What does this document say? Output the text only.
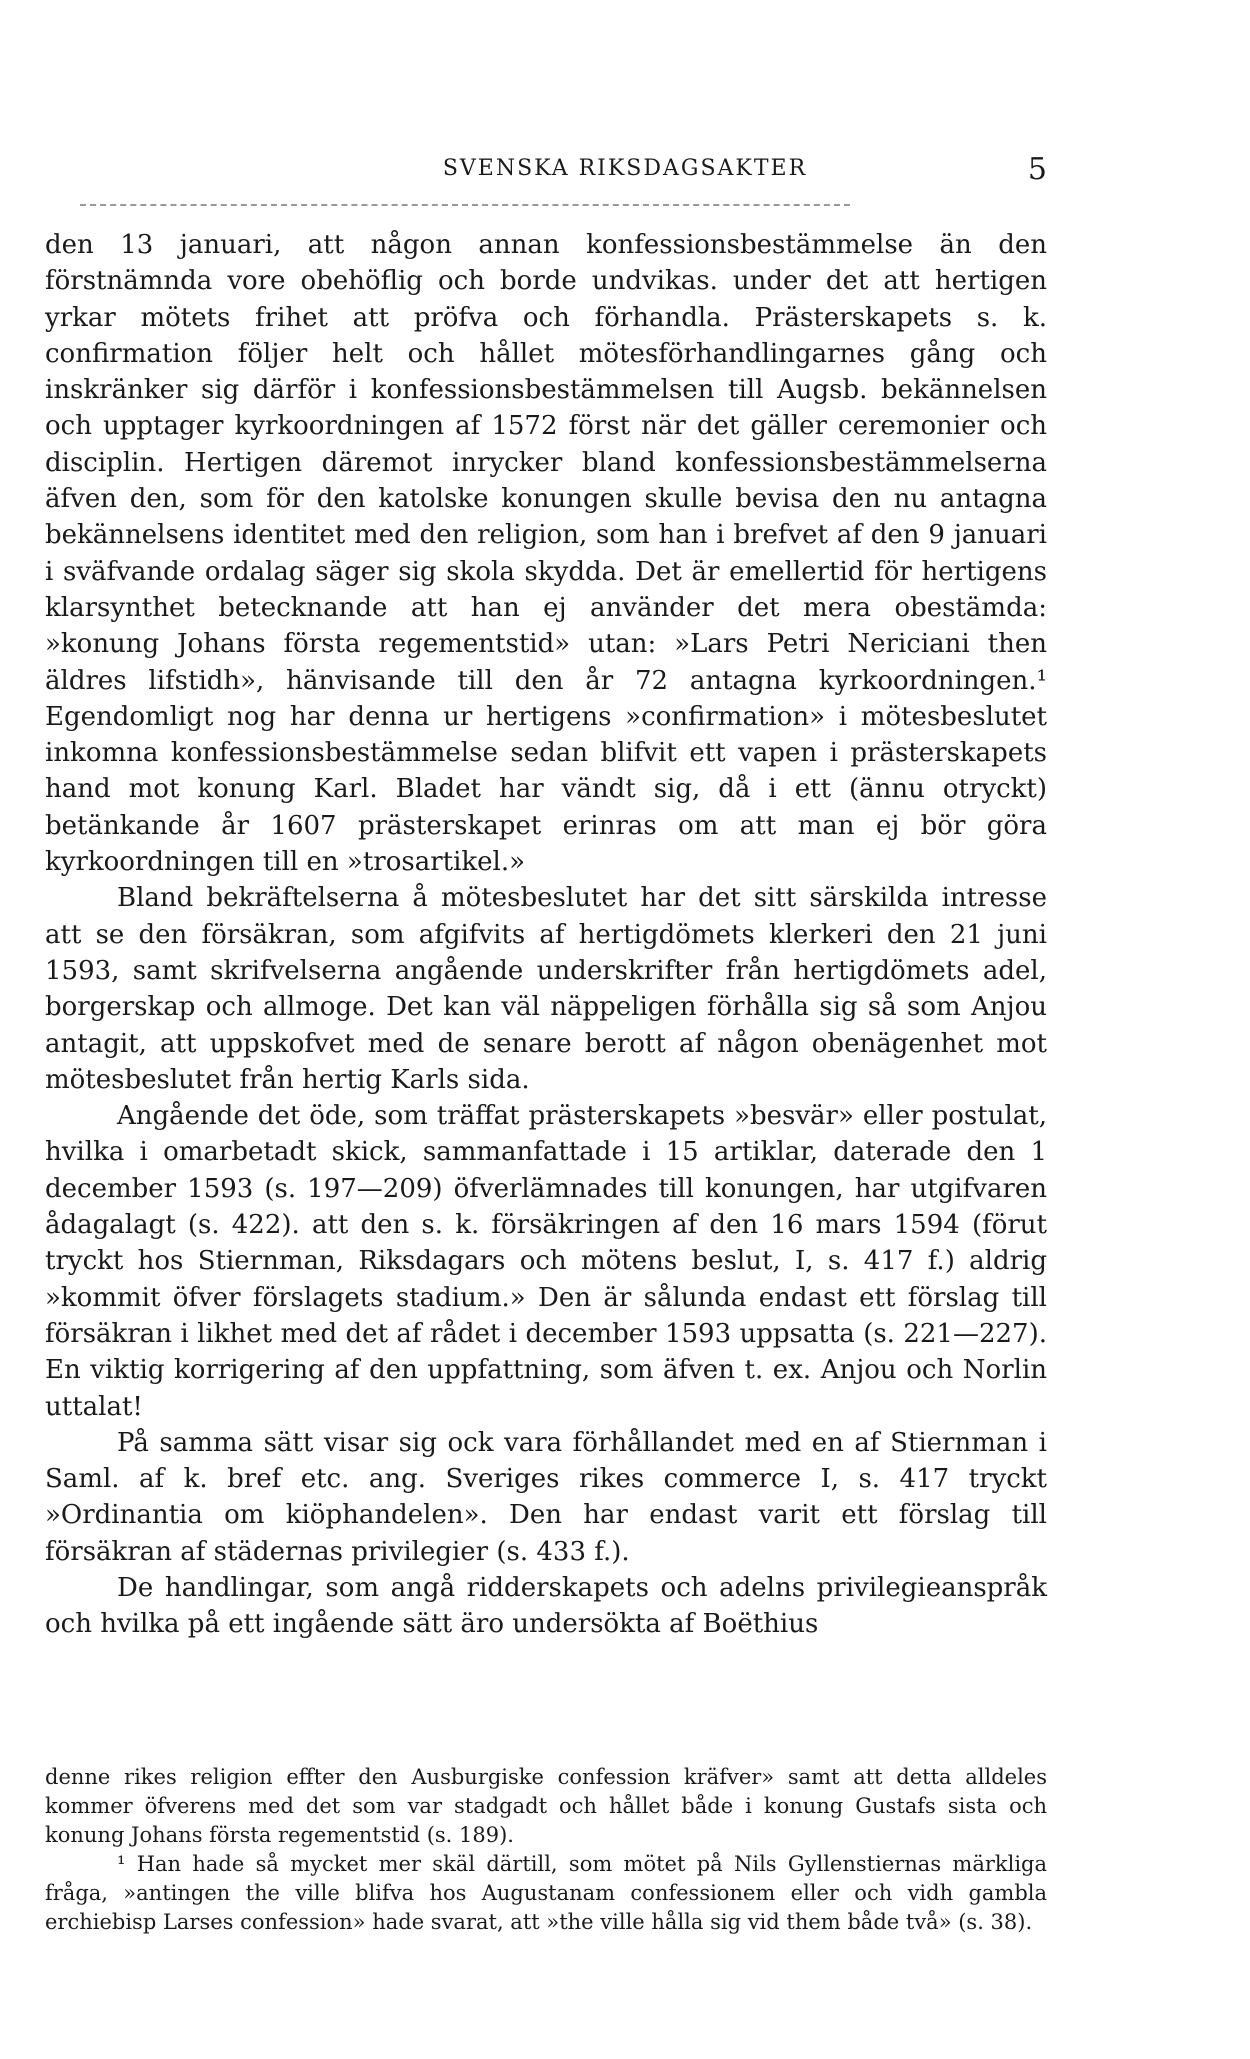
SVENSKA RIKSDAGSAKTER	5

den 13 januari, att någon annan konfessionsbestämmelse än den förstnämnda vore obehöflig och borde undvikas. under det att hertigen yrkar mötets frihet att pröfva och förhandla. Prästerskapets s. k. confirmation följer helt och hållet mötesförhandlingarnes gång och inskränker sig därför i konfessionsbestämmelsen till Augsb. bekännelsen och upptager kyrkoordningen af 1572 först när det gäller ceremonier och disciplin. Hertigen däremot inrycker bland konfessionsbestämmelserna äfven den, som för den katolske konungen skulle bevisa den nu antagna bekännelsens identitet med den religion, som han i brefvet af den 9 januari i sväfvande ordalag säger sig skola skydda. Det är emellertid för hertigens klarsynthet betecknande att han ej använder det mera obestämda: »konung Johans första regementstid» utan: »Lars Petri Nericiani then äldres lifstidh», hänvisande till den år 72 antagna kyrkoordningen.¹ Egendomligt nog har denna ur hertigens »confirmation» i mötesbeslutet inkomna konfessionsbestämmelse sedan blifvit ett vapen i prästerskapets hand mot konung Karl. Bladet har vändt sig, då i ett (ännu otryckt) betänkande år 1607 prästerskapet erinras om att man ej bör göra kyrkoordningen till en »trosartikel.»

Bland bekräftelserna å mötesbeslutet har det sitt särskilda intresse att se den försäkran, som afgifvits af hertigdömets klerkeri den 21 juni 1593, samt skrifvelserna angående underskrifter från hertigdömets adel, borgerskap och allmoge. Det kan väl näppeligen förhålla sig så som Anjou antagit, att uppskofvet med de senare berott af någon obenägenhet mot mötesbeslutet från hertig Karls sida.

Angående det öde, som träffat prästerskapets »besvär» eller postulat, hvilka i omarbetadt skick, sammanfattade i 15 artiklar, daterade den 1 december 1593 (s. 197—209) öfverlämnades till konungen, har utgifvaren ådagalagt (s. 422). att den s. k. försäkringen af den 16 mars 1594 (förut tryckt hos Stiernman, Riksdagars och mötens beslut, I, s. 417 f.) aldrig »kommit öfver förslagets stadium.» Den är sålunda endast ett förslag till försäkran i likhet med det af rådet i december 1593 uppsatta (s. 221—227). En viktig korrigering af den uppfattning, som äfven t. ex. Anjou och Norlin uttalat!

På samma sätt visar sig ock vara förhållandet med en af Stiernman i Saml. af k. bref etc. ang. Sveriges rikes commerce I, s. 417 tryckt »Ordinantia om kiöphandelen». Den har endast varit ett förslag till försäkran af städernas privilegier (s. 433 f.).

De handlingar, som angå ridderskapets och adelns privilegieanspråk och hvilka på ett ingående sätt äro undersökta af Boëthius

denne rikes religion effter den Ausburgiske confession kräfver» samt att detta alldeles kommer öfverens med det som var stadgadt och hållet både i konung Gustafs sista och konung Johans första regementstid (s. 189).

¹ Han hade så mycket mer skäl därtill, som mötet på Nils Gyllenstiernas märkliga fråga, »antingen the ville blifva hos Augustanam confessionem eller och vidh gambla erchiebisp Larses confession» hade svarat, att »the ville hålla sig vid them både två» (s. 38).
